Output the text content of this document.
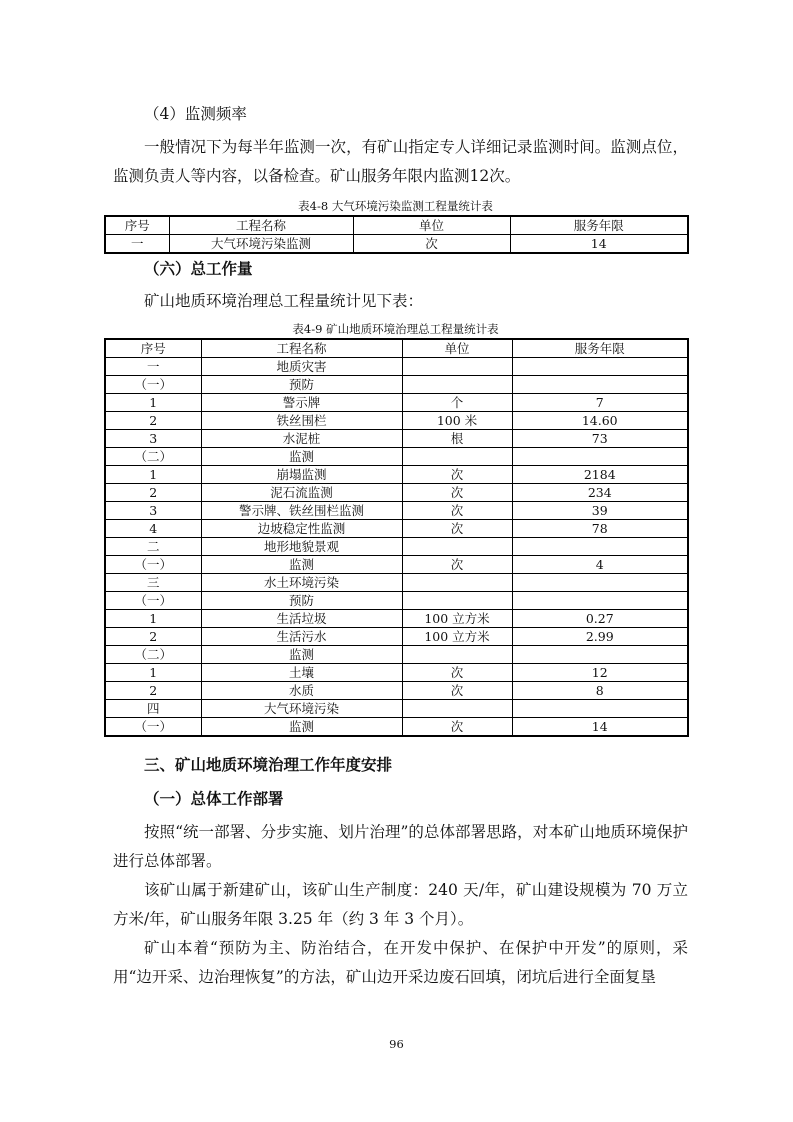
（4）监测频率

一般情况下为每半年监测一次，有矿山指定专人详细记录监测时间。监测点位，监测负责人等内容，以备检查。矿山服务年限内监测12次。

表4-8 大气环境污染监测工程量统计表
序号	工程名称	单位	服务年限
一	大气环境污染监测	次	14
（六）总工作量

矿山地质环境治理总工程量统计见下表：

表4-9 矿山地质环境治理总工程量统计表
序号	工程名称	单位	服务年限
一	地质灾害		
（一）	预防		
1	警示牌	个	7
2	铁丝围栏	100 米	14.60
3	水泥桩	根	73
（二）	监测		
1	崩塌监测	次	2184
2	泥石流监测	次	234
3	警示牌、铁丝围栏监测	次	39
4	边坡稳定性监测	次	78
二	地形地貌景观		
（一）	监测	次	4
三	水土环境污染		
（一）	预防		
1	生活垃圾	100 立方米	0.27
2	生活污水	100 立方米	2.99
（二）	监测		
1	土壤	次	12
2	水质	次	8
四	大气环境污染		
（一）	监测	次	14
三、矿山地质环境治理工作年度安排
（一）总体工作部署

按照“统一部署、分步实施、划片治理”的总体部署思路，对本矿山地质环境保护进行总体部署。

该矿山属于新建矿山，该矿山生产制度：240 天/年，矿山建设规模为 70 万立方米/年，矿山服务年限 3.25 年（约 3 年 3 个月）。

矿山本着“预防为主、防治结合，在开发中保护、在保护中开发”的原则，采用“边开采、边治理恢复”的方法，矿山边开采边废石回填，闭坑后进行全面复垦

96
